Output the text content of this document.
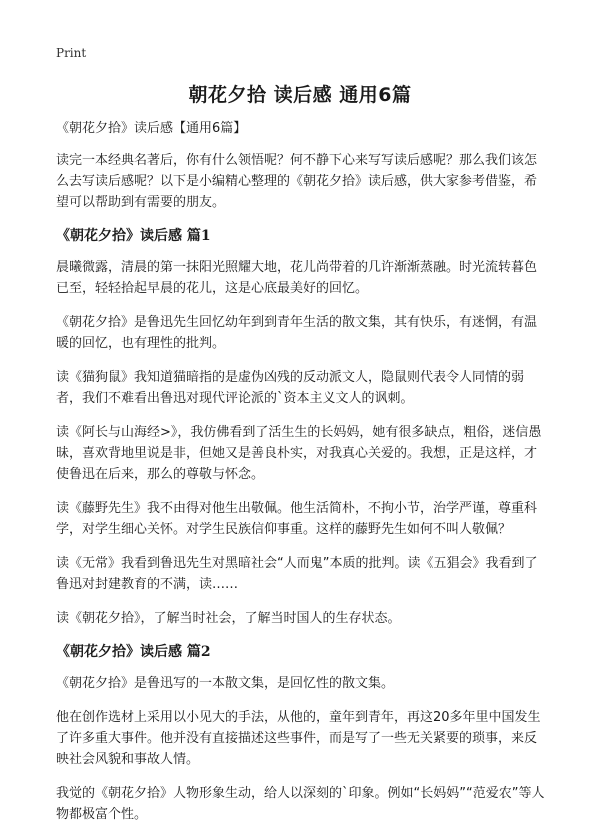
Print
朝花夕拾 读后感 通用6篇

《朝花夕拾》读后感【通用6篇】

读完一本经典名著后，你有什么领悟呢？何不静下心来写写读后感呢？那么我们该怎么去写读后感呢？以下是小编精心整理的《朝花夕拾》读后感，供大家参考借鉴，希望可以帮助到有需要的朋友。

《朝花夕拾》读后感 篇1

晨曦微露，清晨的第一抹阳光照耀大地，花儿尚带着的几许渐渐蒸融。时光流转暮色已至，轻轻拾起早晨的花儿，这是心底最美好的回忆。

《朝花夕拾》是鲁迅先生回忆幼年到到青年生活的散文集，其有快乐，有迷惘，有温暖的回忆，也有理性的批判。

读《猫狗鼠》我知道猫暗指的是虚伪凶残的反动派文人，隐鼠则代表令人同情的弱者，我们不难看出鲁迅对现代评论派的`资本主义文人的讽刺。

读《阿长与山海经>》，我仿佛看到了活生生的长妈妈，她有很多缺点，粗俗，迷信愚昧，喜欢背地里说是非，但她又是善良朴实，对我真心关爱的。我想，正是这样，才使鲁迅在后来，那么的尊敬与怀念。

读《藤野先生》我不由得对他生出敬佩。他生活简朴，不拘小节，治学严谨，尊重科学，对学生细心关怀。对学生民族信仰事重。这样的藤野先生如何不叫人敬佩？

读《无常》我看到鲁迅先生对黑暗社会“人而鬼”本质的批判。读《五猖会》我看到了鲁迅对封建教育的不满，读……

读《朝花夕拾》，了解当时社会，了解当时国人的生存状态。

《朝花夕拾》读后感 篇2

《朝花夕拾》是鲁迅写的一本散文集，是回忆性的散文集。

他在创作选材上采用以小见大的手法，从他的，童年到青年，再这20多年里中国发生了许多重大事件。他并没有直接描述这些事件，而是写了一些无关紧要的琐事，来反映社会风貌和事故人情。

我觉的《朝花夕拾》人物形象生动，给人以深刻的`印象。例如“长妈妈”“范爱农”等人物都极富个性。
